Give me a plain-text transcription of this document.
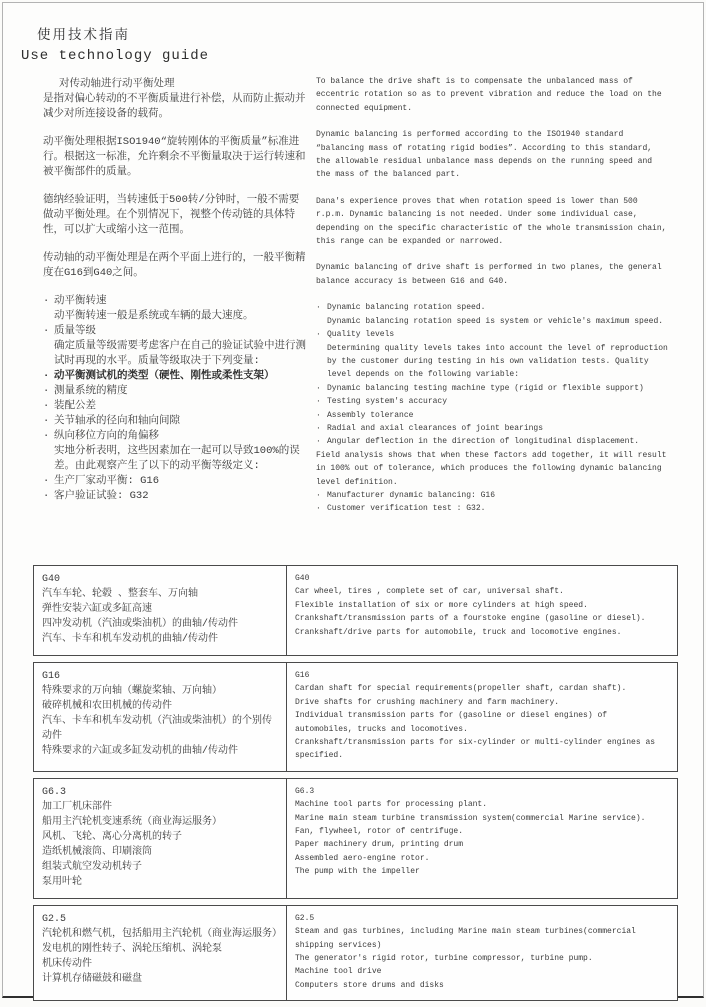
使用技术指南
Use technology guide
对传动轴进行动平衡处理
是指对偏心转动的不平衡质量进行补偿，从而防止振动并减少对所连接设备的载荷。
动平衡处理根据ISO1940“旋转刚体的平衡质量”标准进行。根据这一标准，允许剩余不平衡量取决于运行转速和被平衡部件的质量。
德纳经验证明，当转速低于500转/分钟时，一般不需要做动平衡处理。在个别情况下，视整个传动链的具体特性，可以扩大或缩小这一范围。
传动轴的动平衡处理是在两个平面上进行的，一般平衡精度在G16到G40之间。
· 动平衡转速
动平衡转速一般是系统或车辆的最大速度。
· 质量等级
确定质量等级需要考虑客户在自己的验证试验中进行测试时再现的水平。质量等级取决于下列变量:
· 动平衡测试机的类型（硬性、刚性或柔性支架）
· 测量系统的精度
· 装配公差
· 关节轴承的径向和轴向间隙
· 纵向移位方向的角偏移
实地分析表明，这些因素加在一起可以导致100%的误差。由此观察产生了以下的动平衡等级定义:
· 生产厂家动平衡: G16
· 客户验证试验: G32
To balance the drive shaft is to compensate the unbalanced mass of eccentric rotation so as to prevent vibration and reduce the load on the connected equipment.
Dynamic balancing is performed according to the ISO1940 standard “balancing mass of rotating rigid bodies”. According to this standard, the allowable residual unbalance mass depends on the running speed and the mass of the balanced part.
Dana's experience proves that when rotation speed is lower than 500 r.p.m. Dynamic balancing is not needed. Under some individual case, depending on the specific characteristic of the whole transmission chain, this range can be expanded or narrowed.
Dynamic balancing of drive shaft is performed in two planes, the general balance accuracy is between G16 and G40.
· Dynamic balancing rotation speed.
Dynamic balancing rotation speed is system or vehicle's maximum speed.
· Quality levels
Determining quality levels takes into account the level of reproduction by the customer during testing in his own validation tests. Quality level depends on the following variable:
· Dynamic balancing testing machine type (rigid or flexible support)
· Testing system's accuracy
· Assembly tolerance
· Radial and axial clearances of joint bearings
· Angular deflection in the direction of longitudinal displacement.
Field analysis shows that when these factors add together, it will result in 100% out of tolerance, which produces the following dynamic balancing level definition.
· Manufacturer dynamic balancing: G16
· Customer verification test : G32.
G40
汽车车轮、轮毂 、整套车、万向轴
弹性安装六缸或多缸高速
四冲发动机（汽油或柴油机）的曲轴/传动件
汽车、卡车和机车发动机的曲轴/传动件
G40
Car wheel, tires , complete set of car, universal shaft.
Flexible installation of six or more cylinders at high speed.
Crankshaft/transmission parts of a fourstoke engine (gasoline or diesel).
Crankshaft/drive parts for automobile, truck and locomotive engines.
G16
特殊要求的万向轴（螺旋桨轴、万向轴）
破碎机械和农田机械的传动件
汽车、卡车和机车发动机（汽油或柴油机）的个别传动件
特殊要求的六缸或多缸发动机的曲轴/传动件
G16
Cardan shaft for special requirements(propeller shaft, cardan shaft).
Drive shafts for crushing machinery and farm machinery.
Individual transmission parts for (gasoline or diesel engines) of automobiles, trucks and locomotives.
Crankshaft/transmission parts for six-cylinder or multi-cylinder engines as specified.
G6.3
加工厂机床部件
船用主汽轮机变速系统（商业海运服务）
风机、飞轮、离心分离机的转子
造纸机械滚筒、印刷滚筒
组装式航空发动机转子
泵用叶轮
G6.3
Machine tool parts for processing plant.
Marine main steam turbine transmission system(commercial Marine service).
Fan, flywheel, rotor of centrifuge.
Paper machinery drum, printing drum
Assembled aero-engine rotor.
The pump with the impeller
G2.5
汽轮机和燃气机，包括船用主汽轮机（商业海运服务）
发电机的刚性转子、涡轮压缩机、涡轮泵
机床传动件
计算机存储磁鼓和磁盘
G2.5
Steam and gas turbines, including Marine main steam turbines(commercial shipping services)
The generator's rigid rotor, turbine compressor, turbine pump.
Machine tool drive
Computers store drums and disks
